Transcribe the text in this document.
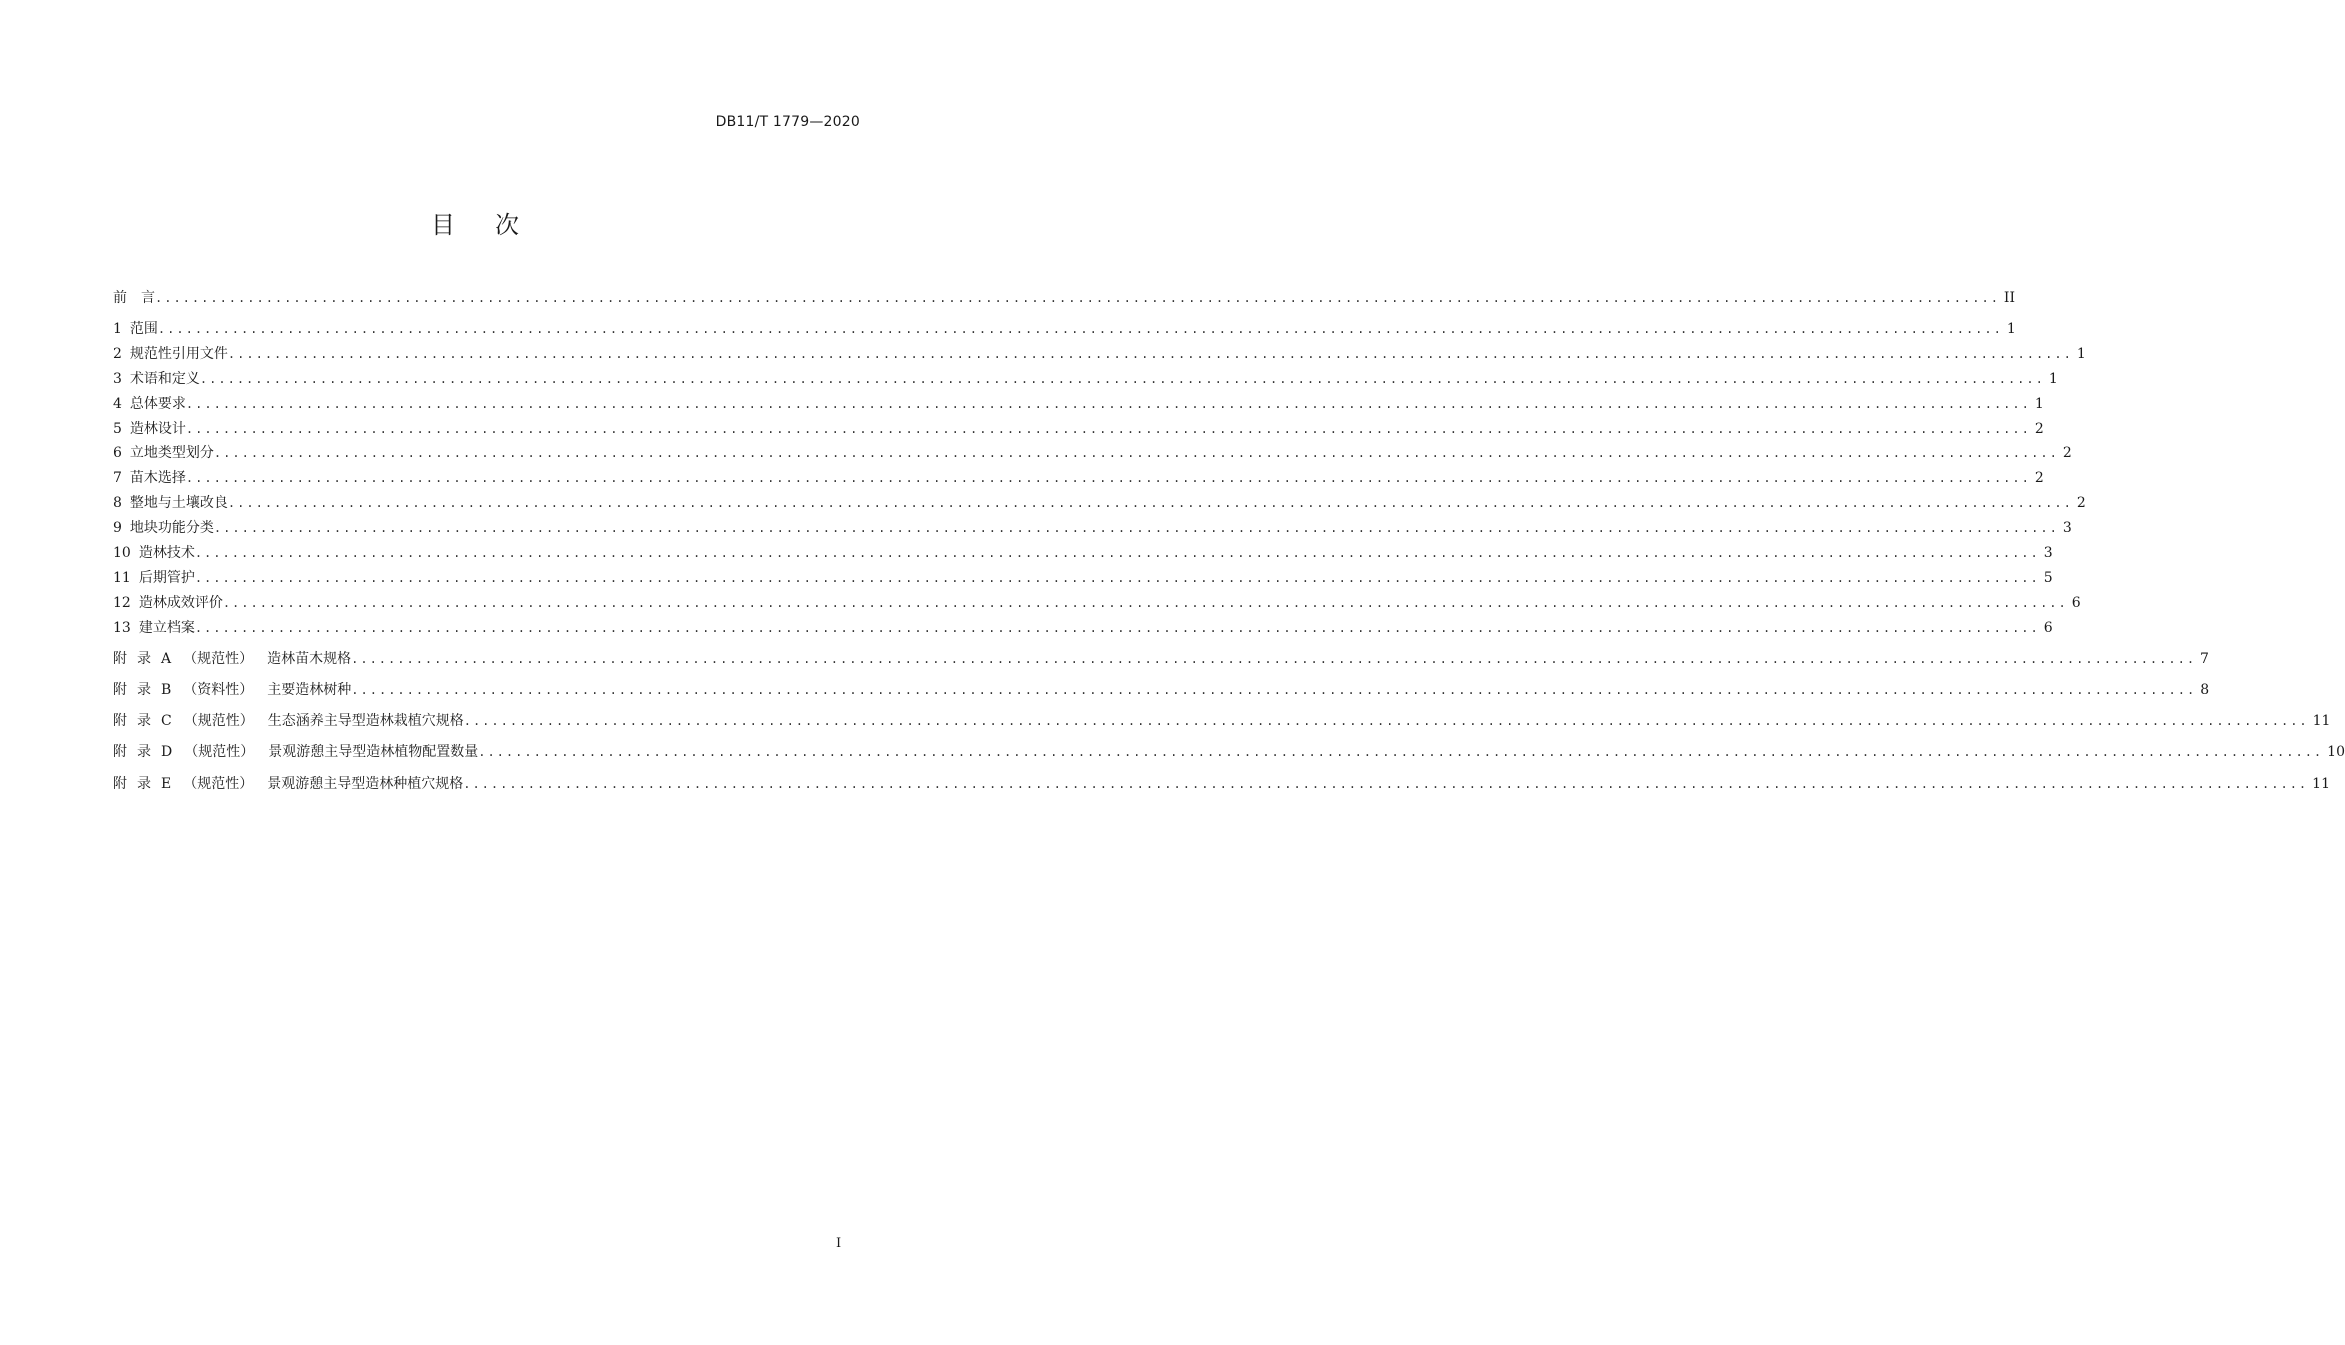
DB11/T 1779—2020
目 次
前　言 ........................................................................................................................................................................................................ II
1 范围 ........................................................................................................................................................................................................ 1
2 规范性引用文件 ........................................................................................................................................................................................................ 1
3 术语和定义 ........................................................................................................................................................................................................ 1
4 总体要求 ........................................................................................................................................................................................................ 1
5 造林设计 ........................................................................................................................................................................................................ 2
6 立地类型划分 ........................................................................................................................................................................................................ 2
7 苗木选择 ........................................................................................................................................................................................................ 2
8 整地与土壤改良 ........................................................................................................................................................................................................ 2
9 地块功能分类 ........................................................................................................................................................................................................ 3
10 造林技术 ........................................................................................................................................................................................................ 3
11 后期管护 ........................................................................................................................................................................................................ 5
12 造林成效评价 ........................................................................................................................................................................................................ 6
13 建立档案 ........................................................................................................................................................................................................ 6
附 录 A （规范性） 造林苗木规格 ........................................................................................................................................................................................................ 7
附 录 B （资料性） 主要造林树种 ........................................................................................................................................................................................................ 8
附 录 C （规范性） 生态涵养主导型造林栽植穴规格 ........................................................................................................................................................................................................ 11
附 录 D （规范性） 景观游憩主导型造林植物配置数量 ........................................................................................................................................................................................................ 10
附 录 E （规范性） 景观游憩主导型造林种植穴规格 ........................................................................................................................................................................................................ 11
I
